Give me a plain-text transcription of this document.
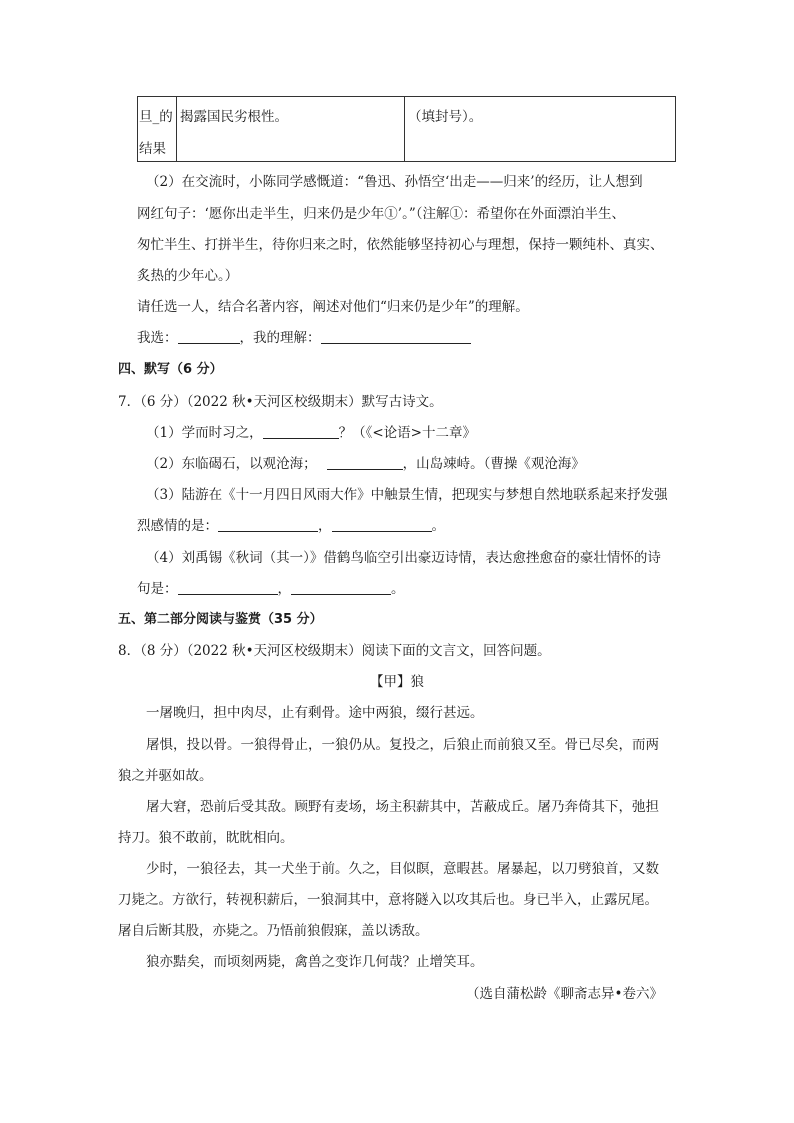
旦_的
结果
揭露国民劣根性。	（填封号）。
（2）在交流时，小陈同学感慨道：“鲁迅、孙悟空‘出走——归来’的经历，让人想到
网红句子：‘愿你出走半生，归来仍是少年①’。”（注解①：希望你在外面漂泊半生、
匆忙半生、打拼半生，待你归来之时，依然能够坚持初心与理想，保持一颗纯朴、真实、
炙热的少年心。）
请任选一人，结合名著内容，阐述对他们“归来仍是少年”的理解。
我选：	，我的理解：
四、默写（6 分）
7．（6 分）（2022 秋•天河区校级期末）默写古诗文。
（1）学而时习之，	？（《<论语>十二章》
（2）东临碣石，以观沧海；	，山岛竦峙。（曹操《观沧海》
（3）陆游在《十一月四日风雨大作》中触景生情，把现实与梦想自然地联系起来抒发强
烈感情的是：	，	。
（4）刘禹锡《秋词（其一）》借鹤鸟临空引出豪迈诗情，表达愈挫愈奋的豪壮情怀的诗
句是：	，	。
五、第二部分阅读与鉴赏（35 分）
8．（8 分）（2022 秋•天河区校级期末）阅读下面的文言文，回答问题。
【甲】狼
一屠晚归，担中肉尽，止有剩骨。途中两狼，缀行甚远。
屠惧，投以骨。一狼得骨止，一狼仍从。复投之，后狼止而前狼又至。骨已尽矣，而两
狼之并驱如故。
屠大窘，恐前后受其敌。顾野有麦场，场主积薪其中，苫蔽成丘。屠乃奔倚其下，弛担
持刀。狼不敢前，眈眈相向。
少时，一狼径去，其一犬坐于前。久之，目似瞑，意暇甚。屠暴起，以刀劈狼首，又数
刀毙之。方欲行，转视积薪后，一狼洞其中，意将隧入以攻其后也。身已半入，止露尻尾。
屠自后断其股，亦毙之。乃悟前狼假寐，盖以诱敌。
狼亦黠矣，而顷刻两毙，禽兽之变诈几何哉？止增笑耳。
（选自蒲松龄《聊斋志异•卷六》
